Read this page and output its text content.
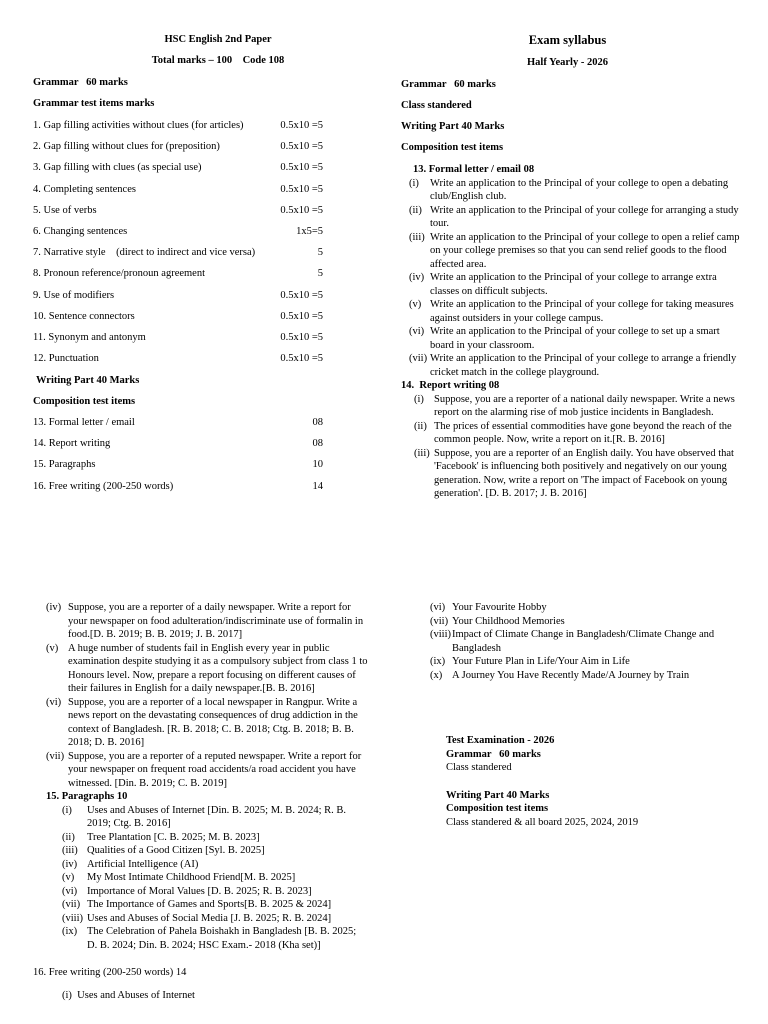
HSC English 2nd Paper
Total marks – 100    Code 108
Grammar   60 marks
Grammar test items marks
1. Gap filling activities without clues (for articles)	0.5x10 =5
2. Gap filling without clues for (preposition)	0.5x10 =5
3. Gap filling with clues (as special use)	0.5x10 =5
4. Completing sentences	0.5x10 =5
5. Use of verbs	0.5x10 =5
6. Changing sentences	1x5=5
7. Narrative style    (direct to indirect and vice versa)	5
8. Pronoun reference/pronoun agreement	5
9. Use of modifiers	0.5x10 =5
10. Sentence connectors	0.5x10 =5
11. Synonym and antonym	0.5x10 =5
12. Punctuation	0.5x10 =5
Writing Part 40 Marks
Composition test items
13. Formal letter / email	08
14. Report writing	08
15. Paragraphs	10
16. Free writing (200-250 words)	14
Exam syllabus
Half Yearly - 2026
Grammar   60 marks
Class standered
Writing Part 40 Marks
Composition test items
13. Formal letter / email 08
(i) Write an application to the Principal of your college to open a debating club/English club.
(ii) Write an application to the Principal of your college for arranging a study tour.
(iii) Write an application to the Principal of your college to open a relief camp on your college premises so that you can send relief goods to the flood affected area.
(iv) Write an application to the Principal of your college to arrange extra classes on difficult subjects.
(v) Write an application to the Principal of your college for taking measures against outsiders in your college campus.
(vi) Write an application to the Principal of your college to set up a smart board in your classroom.
(vii) Write an application to the Principal of your college to arrange a friendly cricket match in the college playground.
14.  Report writing 08
(i) Suppose, you are a reporter of a national daily newspaper. Write a news report on the alarming rise of mob justice incidents in Bangladesh.
(ii) The prices of essential commodities have gone beyond the reach of the common people. Now, write a report on it.[R. B. 2016]
(iii) Suppose, you are a reporter of an English daily. You have observed that 'Facebook' is influencing both positively and negatively on our young generation. Now, write a report on 'The impact of Facebook on young generation'. [D. B. 2017; J. B. 2016]
(iv) Suppose, you are a reporter of a daily newspaper. Write a report for your newspaper on food adulteration/indiscriminate use of formalin in food.[D. B. 2019; B. B. 2019; J. B. 2017]
(v) A huge number of students fail in English every year in public examination despite studying it as a compulsory subject from class 1 to Honours level. Now, prepare a report focusing on different causes of their failures in English for a daily newspaper.[B. B. 2016]
(vi) Suppose, you are a reporter of a local newspaper in Rangpur. Write a news report on the devastating consequences of drug addiction in the context of Bangladesh. [R. B. 2018; C. B. 2018; Ctg. B. 2018; B. B. 2018; D. B. 2016]
(vii) Suppose, you are a reporter of a reputed newspaper. Write a report for your newspaper on frequent road accidents/a road accident you have witnessed. [Din. B. 2019; C. B. 2019]
15. Paragraphs 10
(i) Uses and Abuses of Internet [Din. B. 2025; M. B. 2024; R. B. 2019; Ctg. B. 2016]
(ii) Tree Plantation [C. B. 2025; M. B. 2023]
(iii) Qualities of a Good Citizen [Syl. B. 2025]
(iv) Artificial Intelligence (AI)
(v) My Most Intimate Childhood Friend[M. B. 2025]
(vi) Importance of Moral Values [D. B. 2025; R. B. 2023]
(vii) The Importance of Games and Sports[B. B. 2025 & 2024]
(viii) Uses and Abuses of Social Media [J. B. 2025; R. B. 2024]
(ix) The Celebration of Pahela Boishakh in Bangladesh [B. B. 2025; D. B. 2024; Din. B. 2024; HSC Exam.- 2018 (Kha set)]
16. Free writing (200-250 words) 14
(i)  Uses and Abuses of Internet
(vi) Your Favourite Hobby
(vii) Your Childhood Memories
(viii) Impact of Climate Change in Bangladesh/Climate Change and Bangladesh
(ix) Your Future Plan in Life/Your Aim in Life
(x) A Journey You Have Recently Made/A Journey by Train
Test Examination - 2026
Grammar   60 marks
Class standered
Writing Part 40 Marks
Composition test items
Class standered & all board 2025, 2024, 2019
